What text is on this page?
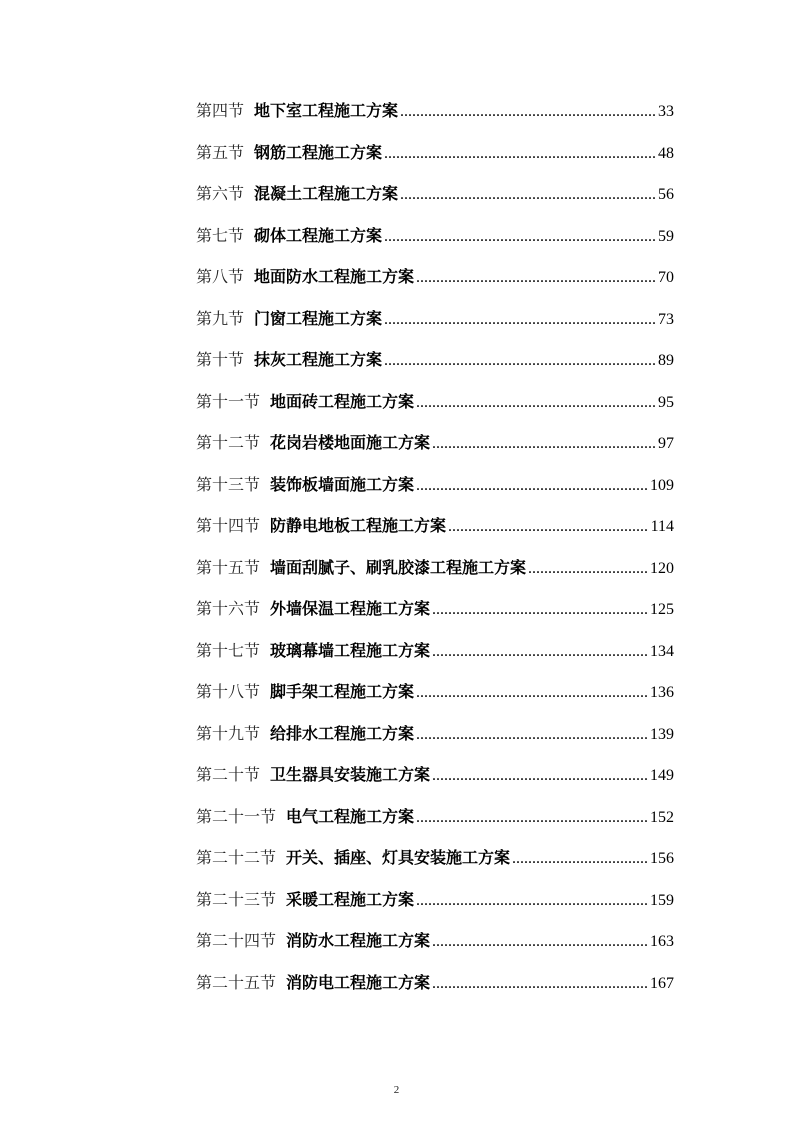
第四节 地下室工程施工方案 .....	33
第五节 钢筋工程施工方案 .....	48
第六节 混凝土工程施工方案 .....	56
第七节 砌体工程施工方案 .....	59
第八节 地面防水工程施工方案 .....	70
第九节 门窗工程施工方案 .....	73
第十节 抹灰工程施工方案 .....	89
第十一节 地面砖工程施工方案 .....	95
第十二节 花岗岩楼地面施工方案 .....	97
第十三节 装饰板墙面施工方案 .....	109
第十四节 防静电地板工程施工方案 .....	114
第十五节 墙面刮腻子、刷乳胶漆工程施工方案 .....	120
第十六节 外墙保温工程施工方案 .....	125
第十七节 玻璃幕墙工程施工方案 .....	134
第十八节 脚手架工程施工方案 .....	136
第十九节 给排水工程施工方案 .....	139
第二十节 卫生器具安装施工方案 .....	149
第二十一节 电气工程施工方案 .....	152
第二十二节 开关、插座、灯具安装施工方案 .....	156
第二十三节 采暖工程施工方案 .....	159
第二十四节 消防水工程施工方案 .....	163
第二十五节 消防电工程施工方案 .....	167
2
